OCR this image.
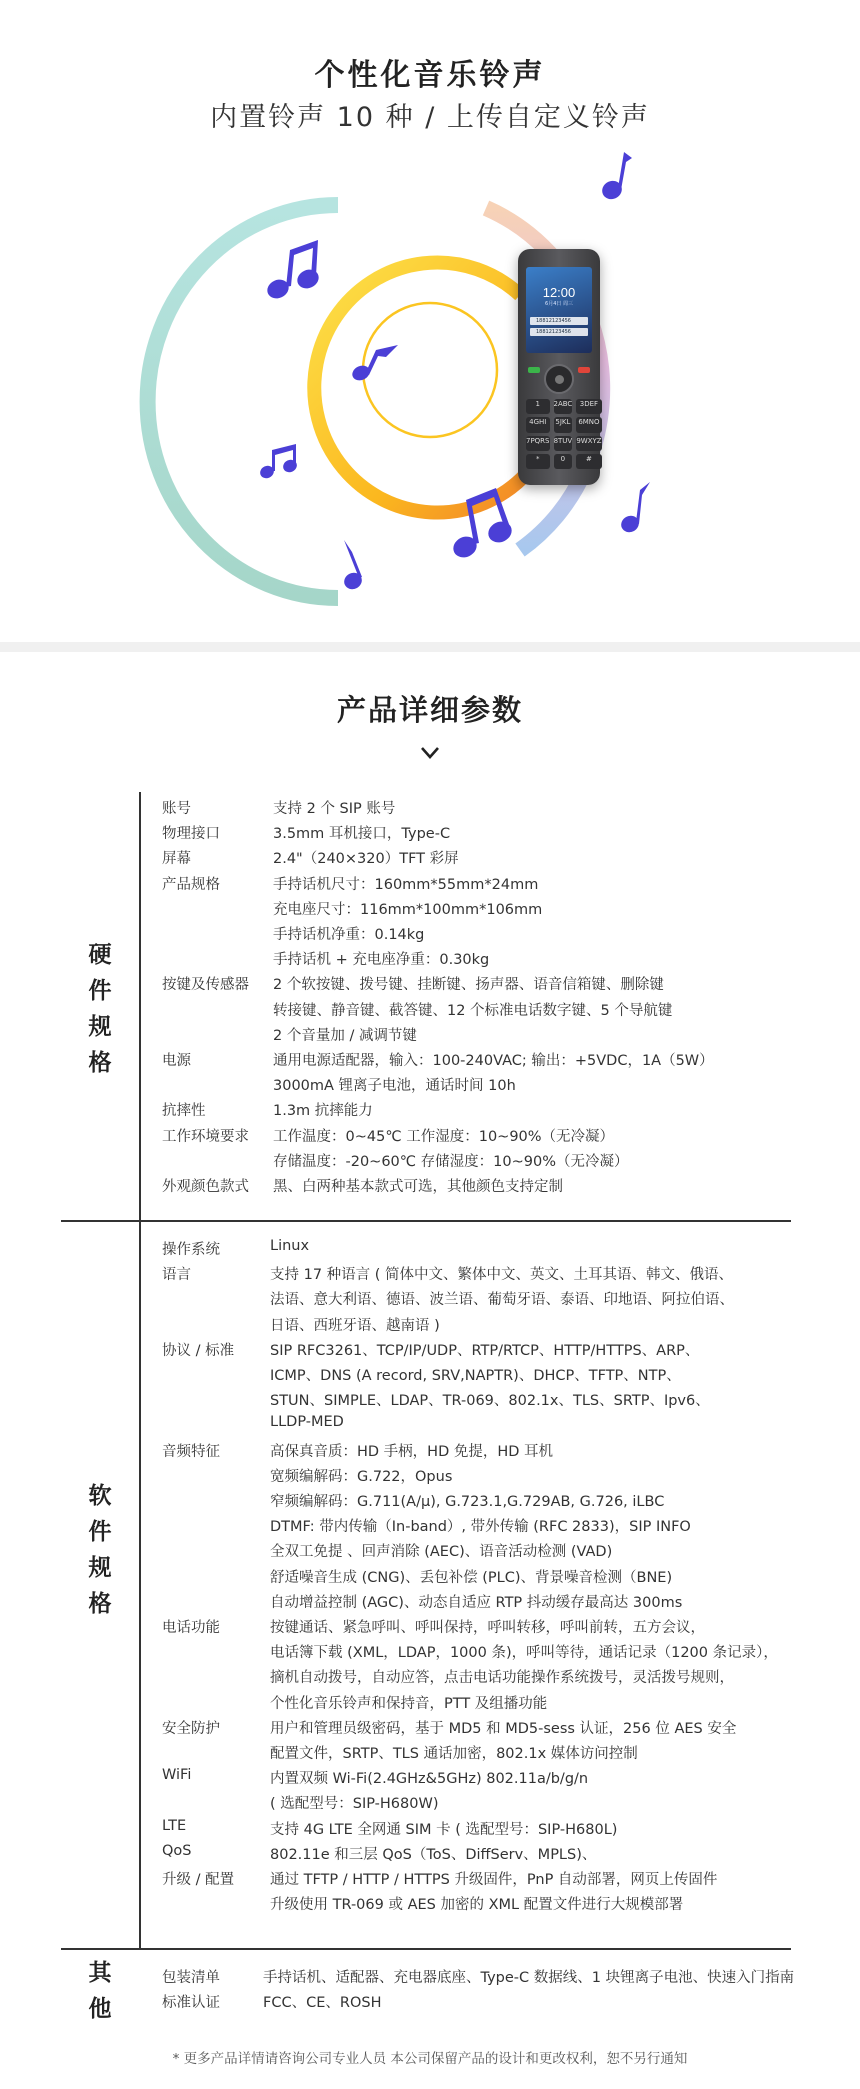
个性化音乐铃声
内置铃声 10 种 / 上传自定义铃声
12:00
6月4日 周三
18812123456
18812123456
1	2ABC	3DEF
4GHI	5JKL 6MNO
7PQRS 8TUV 9WXYZ
*	0	#
产品详细参数
硬
件
规
格
账号	支持 2 个 SIP 账号
物理接口	3.5mm 耳机接口，Type-C
屏幕	2.4"（240×320）TFT 彩屏
产品规格	手持话机尺寸：160mm*55mm*24mm
充电座尺寸：116mm*100mm*106mm
手持话机净重：0.14kg
手持话机 + 充电座净重：0.30kg
按键及传感器 2 个软按键、拨号键、挂断键、扬声器、语音信箱键、删除键
转接键、静音键、截答键、12 个标准电话数字键、5 个导航键
2 个音量加 / 减调节键
电源	通用电源适配器，输入：100-240VAC; 输出：+5VDC，1A（5W）
3000mA 锂离子电池，通话时间 10h
抗摔性	1.3m 抗摔能力
工作环境要求 工作温度：0~45℃ 工作湿度：10~90%（无冷凝）
存储温度：-20~60℃ 存储湿度：10~90%（无冷凝）
外观颜色款式 黑、白两种基本款式可选，其他颜色支持定制
软
件
规
格
操作系统	Linux
语言	支持 17 种语言 ( 简体中文、繁体中文、英文、土耳其语、韩文、俄语、
法语、意大利语、德语、波兰语、葡萄牙语、泰语、印地语、阿拉伯语、
日语、西班牙语、越南语 )
协议 / 标准 SIP RFC3261、TCP/IP/UDP、RTP/RTCP、HTTP/HTTPS、ARP、
ICMP、DNS (A record, SRV,NAPTR)、DHCP、TFTP、NTP、
STUN、SIMPLE、LDAP、TR-069、802.1x、TLS、SRTP、Ipv6、
LLDP-MED
音频特征	高保真音质：HD 手柄，HD 免提，HD 耳机
宽频编解码：G.722，Opus
窄频编解码：G.711(A/μ), G.723.1,G.729AB, G.726, iLBC
DTMF: 带内传输（In-band）, 带外传输 (RFC 2833)，SIP INFO
全双工免提 、回声消除 (AEC)、语音活动检测 (VAD)
舒适噪音生成 (CNG)、丢包补偿 (PLC)、背景噪音检测（BNE)
自动增益控制 (AGC)、动态自适应 RTP 抖动缓存最高达 300ms
电话功能	按键通话、紧急呼叫、呼叫保持，呼叫转移，呼叫前转，五方会议，
电话簿下载 (XML，LDAP，1000 条)，呼叫等待，通话记录（1200 条记录），
摘机自动拨号，自动应答，点击电话功能操作系统拨号，灵活拨号规则，
个性化音乐铃声和保持音，PTT 及组播功能
安全防护	用户和管理员级密码，基于 MD5 和 MD5-sess 认证，256 位 AES 安全
配置文件，SRTP、TLS 通话加密，802.1x 媒体访问控制
WiFi	内置双频 Wi-Fi(2.4GHz&5GHz) 802.11a/b/g/n
( 选配型号：SIP-H680W)
LTE	支持 4G LTE 全网通 SIM 卡 ( 选配型号：SIP-H680L)
QoS	802.11e 和三层 QoS（ToS、DiffServ、MPLS)、
升级 / 配置 通过 TFTP / HTTP / HTTPS 升级固件，PnP 自动部署，网页上传固件
升级使用 TR-069 或 AES 加密的 XML 配置文件进行大规模部署
其
他
包装清单	手持话机、适配器、充电器底座、Type-C 数据线、1 块锂离子电池、快速入门指南
标准认证	FCC、CE、ROSH
* 更多产品详情请咨询公司专业人员 本公司保留产品的设计和更改权利，恕不另行通知
